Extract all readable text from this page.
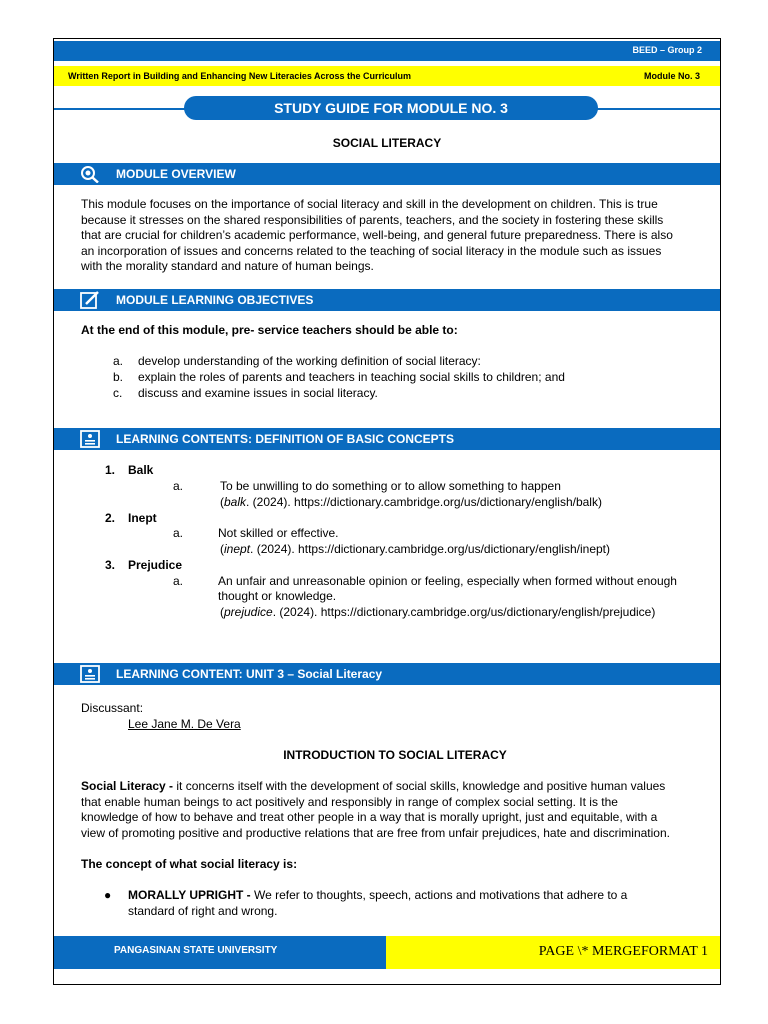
BEED – Group 2
Written Report in Building and Enhancing New Literacies Across the Curriculum	Module No. 3
STUDY GUIDE FOR MODULE NO. 3
SOCIAL LITERACY
MODULE OVERVIEW
This module focuses on the importance of social literacy and skill in the development on children. This is true
because it stresses on the shared responsibilities of parents, teachers, and the society in fostering these skills
that are crucial for children’s academic performance, well-being, and general future preparedness. There is also
an incorporation of issues and concerns related to the teaching of social literacy in the module such as issues
with the morality standard and nature of human beings.
MODULE LEARNING OBJECTIVES
At the end of this module, pre- service teachers should be able to:
a. develop understanding of the working definition of social literacy:
b. explain the roles of parents and teachers in teaching social skills to children; and
c. discuss and examine issues in social literacy.
LEARNING CONTENTS: DEFINITION OF BASIC CONCEPTS
1. Balk
a.	To be unwilling to do something or to allow something to happen
(balk. (2024). https://dictionary.cambridge.org/us/dictionary/english/balk)
2. Inept
a.	Not skilled or effective.
(inept. (2024). https://dictionary.cambridge.org/us/dictionary/english/inept)
3. Prejudice
a.	An unfair and unreasonable opinion or feeling, especially when formed without enough
thought or knowledge.
(prejudice. (2024). https://dictionary.cambridge.org/us/dictionary/english/prejudice)
LEARNING CONTENT: UNIT 3 – Social Literacy
Discussant:
Lee Jane M. De Vera
INTRODUCTION TO SOCIAL LITERACY
Social Literacy - it concerns itself with the development of social skills, knowledge and positive human values
that enable human beings to act positively and responsibly in range of complex social setting. It is the
knowledge of how to behave and treat other people in a way that is morally upright, just and equitable, with a
view of promoting positive and productive relations that are free from unfair prejudices, hate and discrimination.
The concept of what social literacy is:
● MORALLY UPRIGHT - We refer to thoughts, speech, actions and motivations that adhere to a
standard of right and wrong.
PANGASINAN STATE UNIVERSITY	PAGE \* MERGEFORMAT 1
